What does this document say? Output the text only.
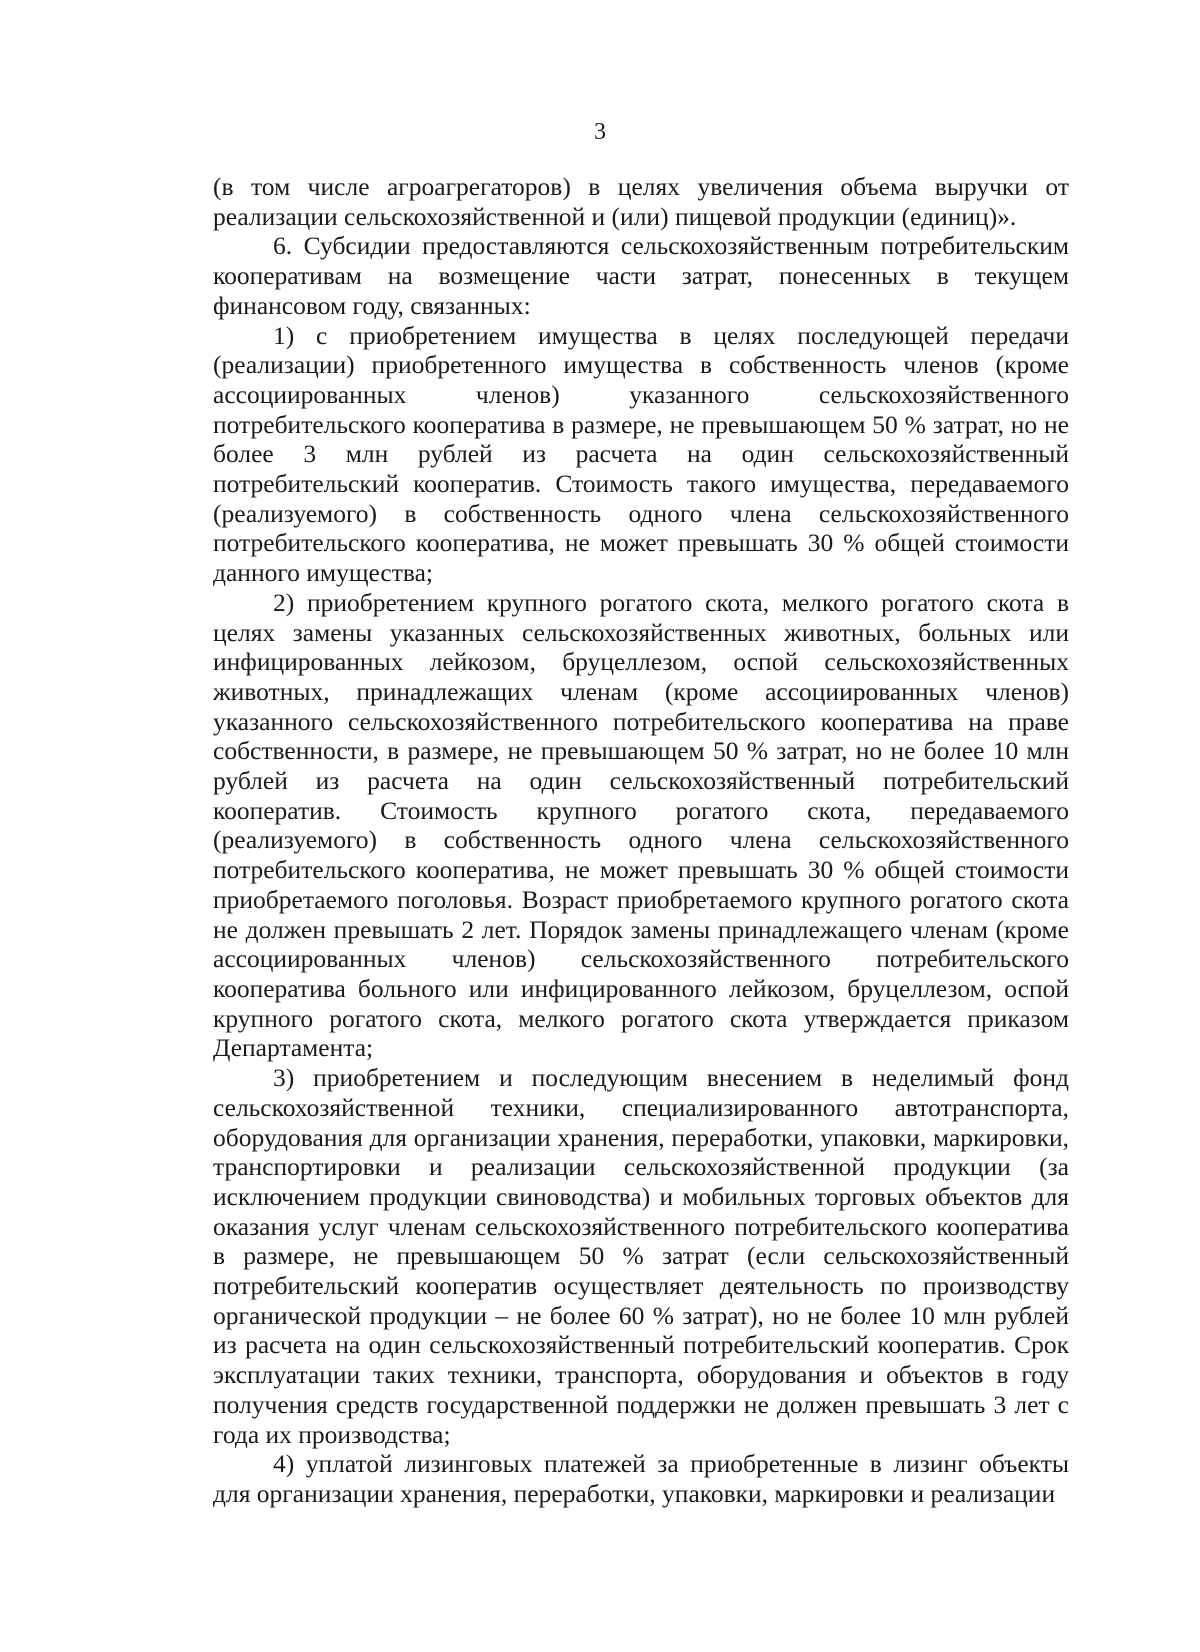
3

(в том числе агроагрегаторов) в целях увеличения объема выручки от реализации сельскохозяйственной и (или) пищевой продукции (единиц)».

6. Субсидии предоставляются сельскохозяйственным потребительским кооперативам на возмещение части затрат, понесенных в текущем финансовом году, связанных:

1) с приобретением имущества в целях последующей передачи (реализации) приобретенного имущества в собственность членов (кроме ассоциированных членов) указанного сельскохозяйственного потребительского кооператива в размере, не превышающем 50 % затрат, но не более 3 млн рублей из расчета на один сельскохозяйственный потребительский кооператив. Стоимость такого имущества, передаваемого (реализуемого) в собственность одного члена сельскохозяйственного потребительского кооператива, не может превышать 30 % общей стоимости данного имущества;

2) приобретением крупного рогатого скота, мелкого рогатого скота в целях замены указанных сельскохозяйственных животных, больных или инфицированных лейкозом, бруцеллезом, оспой сельскохозяйственных животных, принадлежащих членам (кроме ассоциированных членов) указанного сельскохозяйственного потребительского кооператива на праве собственности, в размере, не превышающем 50 % затрат, но не более 10 млн рублей из расчета на один сельскохозяйственный потребительский кооператив. Стоимость крупного рогатого скота, передаваемого (реализуемого) в собственность одного члена сельскохозяйственного потребительского кооператива, не может превышать 30 % общей стоимости приобретаемого поголовья. Возраст приобретаемого крупного рогатого скота не должен превышать 2 лет. Порядок замены принадлежащего членам (кроме ассоциированных членов) сельскохозяйственного потребительского кооператива больного или инфицированного лейкозом, бруцеллезом, оспой крупного рогатого скота, мелкого рогатого скота утверждается приказом Департамента;

3) приобретением и последующим внесением в неделимый фонд сельскохозяйственной техники, специализированного автотранспорта, оборудования для организации хранения, переработки, упаковки, маркировки, транспортировки и реализации сельскохозяйственной продукции (за исключением продукции свиноводства) и мобильных торговых объектов для оказания услуг членам сельскохозяйственного потребительского кооператива в размере, не превышающем 50 % затрат (если сельскохозяйственный потребительский кооператив осуществляет деятельность по производству органической продукции – не более 60 % затрат), но не более 10 млн рублей из расчета на один сельскохозяйственный потребительский кооператив. Срок эксплуатации таких техники, транспорта, оборудования и объектов в году получения средств государственной поддержки не должен превышать 3 лет с года их производства;

4) уплатой лизинговых платежей за приобретенные в лизинг объекты для организации хранения, переработки, упаковки, маркировки и реализации
